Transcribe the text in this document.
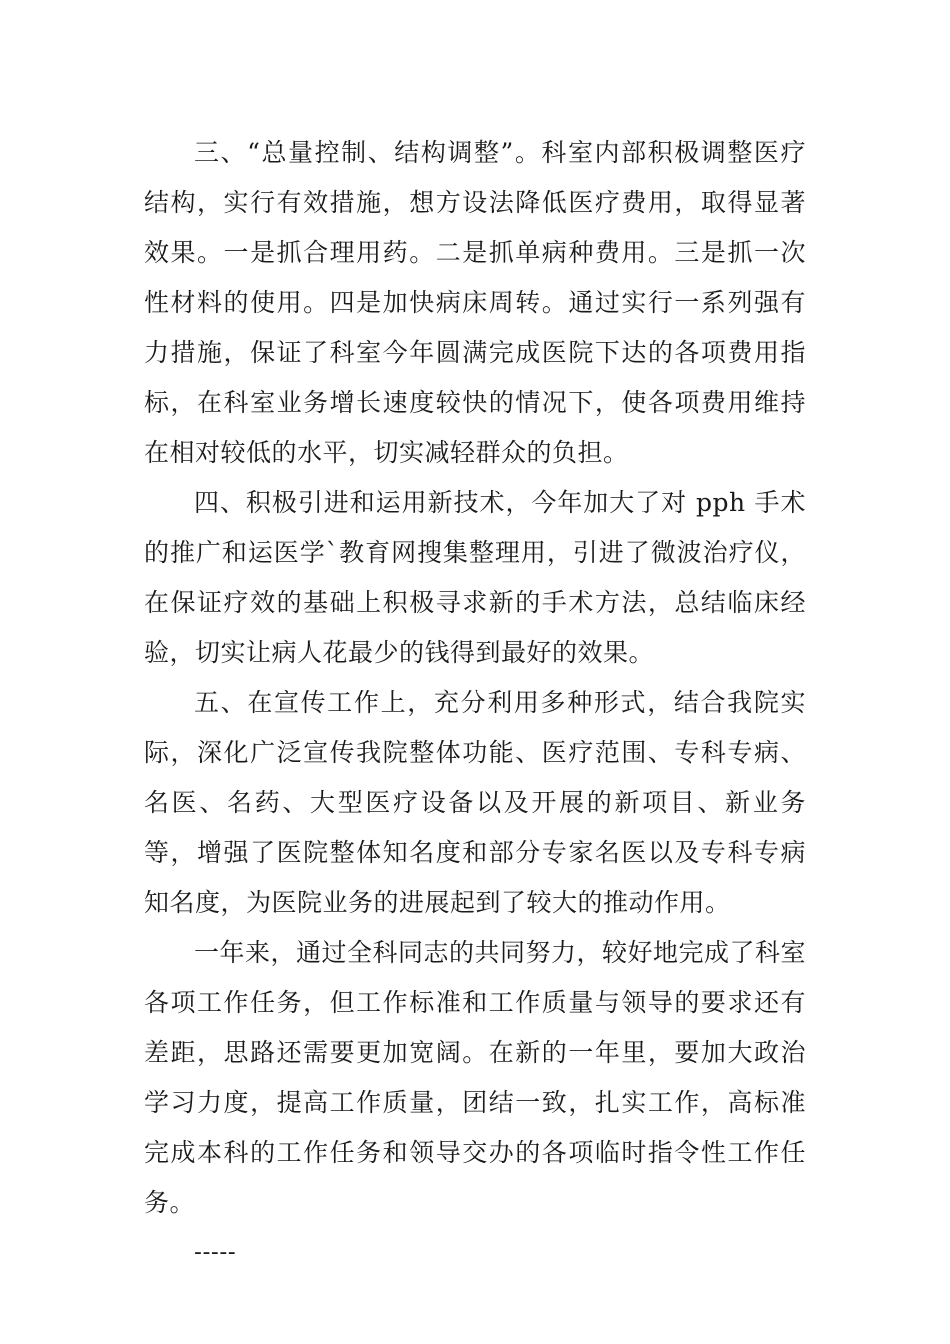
三、“总量控制、结构调整”。科室内部积极调整医疗结构，实行有效措施，想方设法降低医疗费用，取得显著效果。一是抓合理用药。二是抓单病种费用。三是抓一次性材料的使用。四是加快病床周转。通过实行一系列强有力措施，保证了科室今年圆满完成医院下达的各项费用指标，在科室业务增长速度较快的情况下，使各项费用维持在相对较低的水平，切实减轻群众的负担。

四、积极引进和运用新技术，今年加大了对 pph 手术的推广和运医学`教育网搜集整理用，引进了微波治疗仪，在保证疗效的基础上积极寻求新的手术方法，总结临床经验，切实让病人花最少的钱得到最好的效果。

五、在宣传工作上，充分利用多种形式，结合我院实际，深化广泛宣传我院整体功能、医疗范围、专科专病、名医、名药、大型医疗设备以及开展的新项目、新业务等，增强了医院整体知名度和部分专家名医以及专科专病知名度，为医院业务的进展起到了较大的推动作用。

一年来，通过全科同志的共同努力，较好地完成了科室各项工作任务，但工作标准和工作质量与领导的要求还有差距，思路还需要更加宽阔。在新的一年里，要加大政治学习力度，提高工作质量，团结一致，扎实工作，高标准完成本科的工作任务和领导交办的各项临时指令性工作任务。

-----
